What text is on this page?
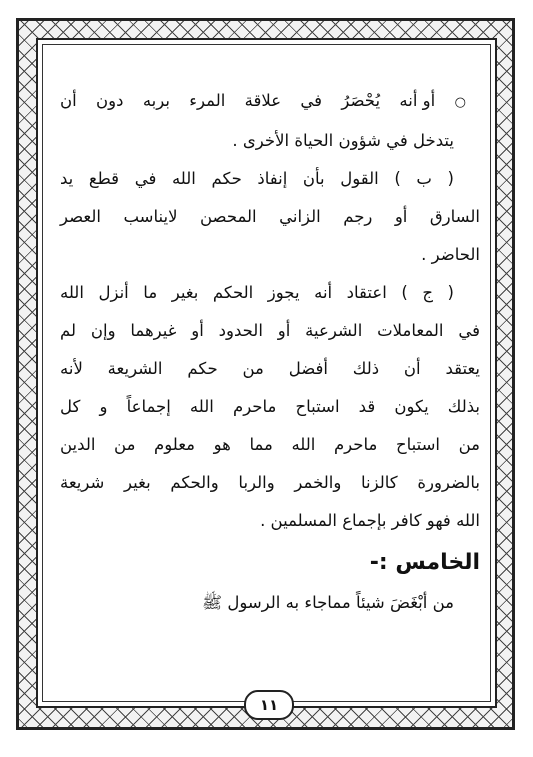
○ أو أنه يُحْصَرُ في علاقة المرء بربه دون أن
يتدخل في شؤون الحياة الأخرى .
( ب ) القول بأن إنفاذ حكم الله في قطع يد
السارق أو رجم الزاني المحصن لايناسب العصر
الحاضر .
( ج ) اعتقاد أنه يجوز الحكم بغير ما أنزل الله
في المعاملات الشرعية أو الحدود أو غيرهما وإن لم
يعتقد أن ذلك أفضل من حكم الشريعة لأنه
بذلك يكون قد استباح ماحرم الله إجماعاً و كل
من استباح ماحرم الله مما هو معلوم من الدين
بالضرورة كالزنا والخمر والربا والحكم بغير شريعة
الله فهو كافر بإجماع المسلمين .
الخامس :-
من أبْغَضَ شيئاً مماجاء به الرسول ﷺ
١١
